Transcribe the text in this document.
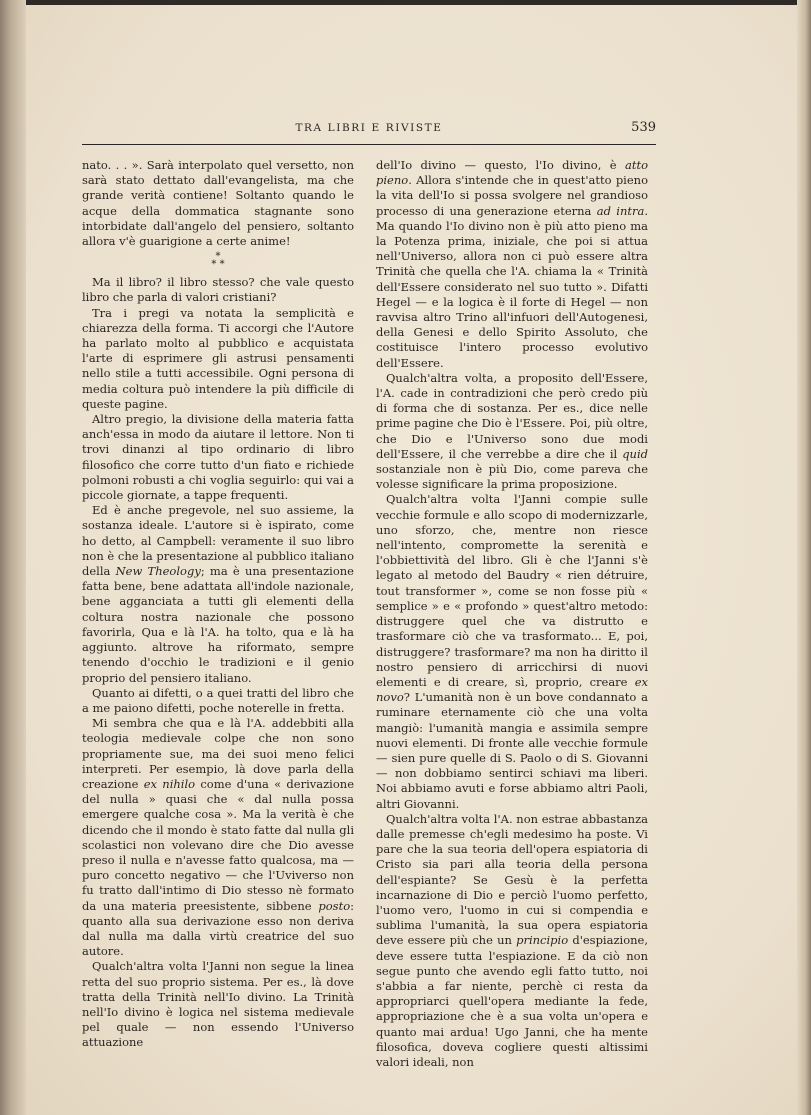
TRA LIBRI E RIVISTE	539

nato. . . ». Sarà interpolato quel versetto, non sarà stato dettato dall'evangelista, ma che grande verità contiene! Soltanto quando le acque della dommatica stagnante sono intorbidate dall'angelo del pensiero, soltanto allora v'è guarigione a certe anime!

*
* *

Ma il libro? il libro stesso? che vale questo libro che parla di valori cristiani?

Tra i pregi va notata la semplicità e chiarezza della forma. Ti accorgi che l'Autore ha parlato molto al pubblico e acquistata l'arte di esprimere gli astrusi pensamenti nello stile a tutti accessibile. Ogni persona di media coltura può intendere la più difficile di queste pagine.

Altro pregio, la divisione della materia fatta anch'essa in modo da aiutare il lettore. Non ti trovi dinanzi al tipo ordinario di libro filosofico che corre tutto d'un fiato e richiede polmoni robusti a chi voglia seguirlo: qui vai a piccole giornate, a tappe frequenti.

Ed è anche pregevole, nel suo assieme, la sostanza ideale. L'autore si è ispirato, come ho detto, al Campbell: veramente il suo libro non è che la presentazione al pubblico italiano della New Theology; ma è una presentazione fatta bene, bene adattata all'indole nazionale, bene agganciata a tutti gli elementi della coltura nostra nazionale che possono favorirla, Qua e là l'A. ha tolto, qua e là ha aggiunto. altrove ha riformato, sempre tenendo d'occhio le tradizioni e il genio proprio del pensiero italiano.

Quanto ai difetti, o a quei tratti del libro che a me paiono difetti, poche noterelle in fretta.

Mi sembra che qua e là l'A. addebbiti alla teologia medievale colpe che non sono propriamente sue, ma dei suoi meno felici interpreti. Per esempio, là dove parla della creazione ex nihilo come d'una « derivazione del nulla » quasi che « dal nulla possa emergere qualche cosa ». Ma la verità è che dicendo che il mondo è stato fatte dal nulla gli scolastici non volevano dire che Dio avesse preso il nulla e n'avesse fatto qualcosa, ma — puro concetto negativo — che l'Uviverso non fu tratto dall'intimo di Dio stesso nè formato da una materia preesistente, sibbene posto: quanto alla sua derivazione esso non deriva dal nulla ma dalla virtù creatrice del suo autore.

Qualch'altra volta l'Janni non segue la linea retta del suo proprio sistema. Per es., là dove tratta della Trinità nell'Io divino. La Trinità nell'Io divino è logica nel sistema medievale pel quale — non essendo l'Universo attuazione

dell'Io divino — questo, l'Io divino, è atto pieno. Allora s'intende che in quest'atto pieno la vita dell'Io si possa svolgere nel grandioso processo di una generazione eterna ad intra. Ma quando l'Io divino non è più atto pieno ma la Potenza prima, iniziale, che poi si attua nell'Universo, allora non ci può essere altra Trinità che quella che l'A. chiama la « Trinità dell'Essere considerato nel suo tutto ». Difatti Hegel — e la logica è il forte di Hegel — non ravvisa altro Trino all'infuori dell'Autogenesi, della Genesi e dello Spirito Assoluto, che costituisce l'intero processo evolutivo dell'Essere.

Qualch'altra volta, a proposito dell'Essere, l'A. cade in contradizioni che però credo più di forma che di sostanza. Per es., dice nelle prime pagine che Dio è l'Essere. Poi, più oltre, che Dio e l'Universo sono due modi dell'Essere, il che verrebbe a dire che il quid sostanziale non è più Dio, come pareva che volesse significare la prima proposizione.

Qualch'altra volta l'Janni compie sulle vecchie formule e allo scopo di modernizzarle, uno sforzo, che, mentre non riesce nell'intento, compromette la serenità e l'obbiettività del libro. Gli è che l'Janni s'è legato al metodo del Baudry « rien détruire, tout transformer », come se non fosse più « semplice » e « profondo » quest'altro metodo: distruggere quel che va distrutto e trasformare ciò che va trasformato... E, poi, distruggere? trasformare? ma non ha diritto il nostro pensiero di arricchirsi di nuovi elementi e di creare, sì, proprio, creare ex novo? L'umanità non è un bove condannato a ruminare eternamente ciò che una volta mangiò: l'umanità mangia e assimila sempre nuovi elementi. Di fronte alle vecchie formule — sien pure quelle di S. Paolo o di S. Giovanni — non dobbiamo sentirci schiavi ma liberi. Noi abbiamo avuti e forse abbiamo altri Paoli, altri Giovanni.

Qualch'altra volta l'A. non estrae abbastanza dalle premesse ch'egli medesimo ha poste. Vi pare che la sua teoria dell'opera espiatoria di Cristo sia pari alla teoria della persona dell'espiante? Se Gesù è la perfetta incarnazione di Dio e perciò l'uomo perfetto, l'uomo vero, l'uomo in cui si compendia e sublima l'umanità, la sua opera espiatoria deve essere più che un principio d'espiazione, deve essere tutta l'espiazione. E da ciò non segue punto che avendo egli fatto tutto, noi s'abbia a far niente, perchè ci resta da appropriarci quell'opera mediante la fede, appropriazione che è a sua volta un'opera e quanto mai ardua! Ugo Janni, che ha mente filosofica, doveva cogliere questi altissimi valori ideali, non
